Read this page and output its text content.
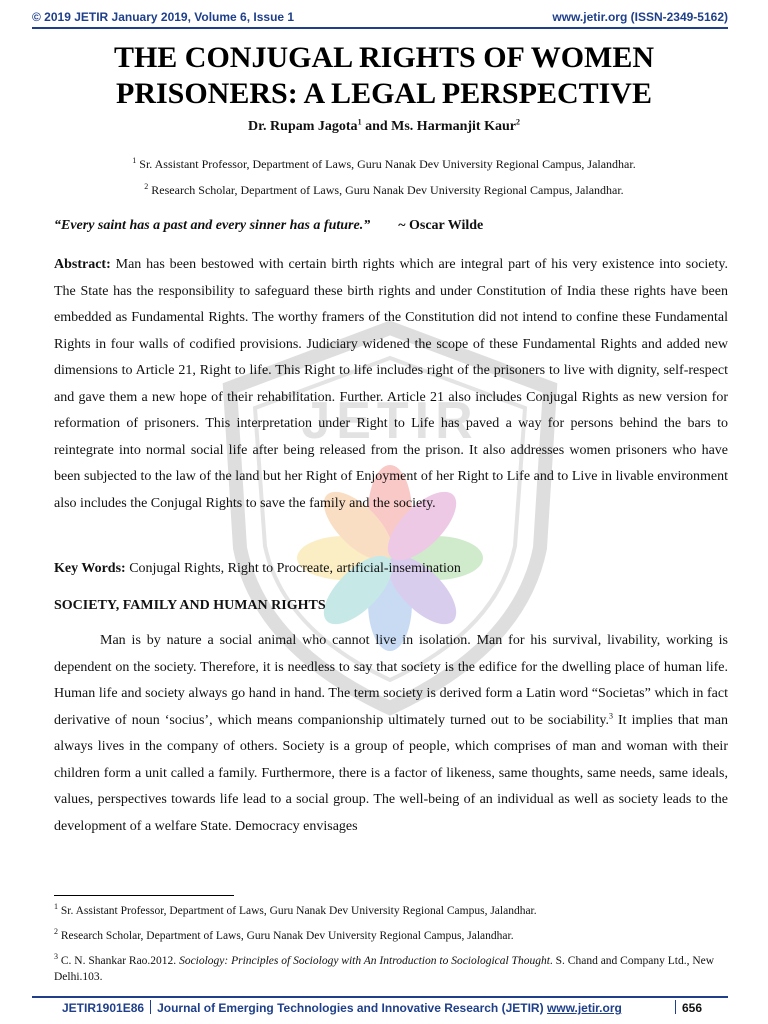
© 2019 JETIR January 2019, Volume 6, Issue 1	www.jetir.org (ISSN-2349-5162)
JETIR
THE CONJUGAL RIGHTS OF WOMEN
PRISONERS: A LEGAL PERSPECTIVE
Dr. Rupam Jagota$^1$ and Ms. Harmanjit Kaur$^2$
$^1$ Sr. Assistant Professor, Department of Laws, Guru Nanak Dev University Regional Campus, Jalandhar.
$^2$ Research Scholar, Department of Laws, Guru Nanak Dev University Regional Campus, Jalandhar.
“Every saint has a past and every sinner has a future.” ~ Oscar Wilde

Abstract: Man has been bestowed with certain birth rights which are integral part of his very existence into society. The State has the responsibility to safeguard these birth rights and under Constitution of India these rights have been embedded as Fundamental Rights. The worthy framers of the Constitution did not intend to confine these Fundamental Rights in four walls of codified provisions. Judiciary widened the scope of these Fundamental Rights and added new dimensions to Article 21, Right to life. This Right to life includes right of the prisoners to live with dignity, self-respect and gave them a new hope of their rehabilitation. Further. Article 21 also includes Conjugal Rights as new version for reformation of prisoners. This interpretation under Right to Life has paved a way for persons behind the bars to reintegrate into normal social life after being released from the prison. It also addresses women prisoners who have been subjected to the law of the land but her Right of Enjoyment of her Right to Life and to Live in livable environment also includes the Conjugal Rights to save the family and the society.

Key Words: Conjugal Rights, Right to Procreate, artificial-insemination

SOCIETY, FAMILY AND HUMAN RIGHTS

Man is by nature a social animal who cannot live in isolation. Man for his survival, livability, working is dependent on the society. Therefore, it is needless to say that society is the edifice for the dwelling place of human life. Human life and society always go hand in hand. The term society is derived form a Latin word “Societas” which in fact derivative of noun ‘socius’, which means companionship ultimately turned out to be sociability.$^3$ It implies that man always lives in the company of others. Society is a group of people, which comprises of man and woman with their children form a unit called a family. Furthermore, there is a factor of likeness, same thoughts, same needs, same ideals, values, perspectives towards life lead to a social group. The well-being of an individual as well as society leads to the development of a welfare State. Democracy envisages

$^1$ Sr. Assistant Professor, Department of Laws, Guru Nanak Dev University Regional Campus, Jalandhar.
$^2$ Research Scholar, Department of Laws, Guru Nanak Dev University Regional Campus, Jalandhar.
$^3$ C. N. Shankar Rao.2012. Sociology: Principles of Sociology with An Introduction to Sociological Thought. S. Chand and Company Ltd., New Delhi.103.
JETIR1901E86 Journal of Emerging Technologies and Innovative Research (JETIR) www.jetir.org	656
